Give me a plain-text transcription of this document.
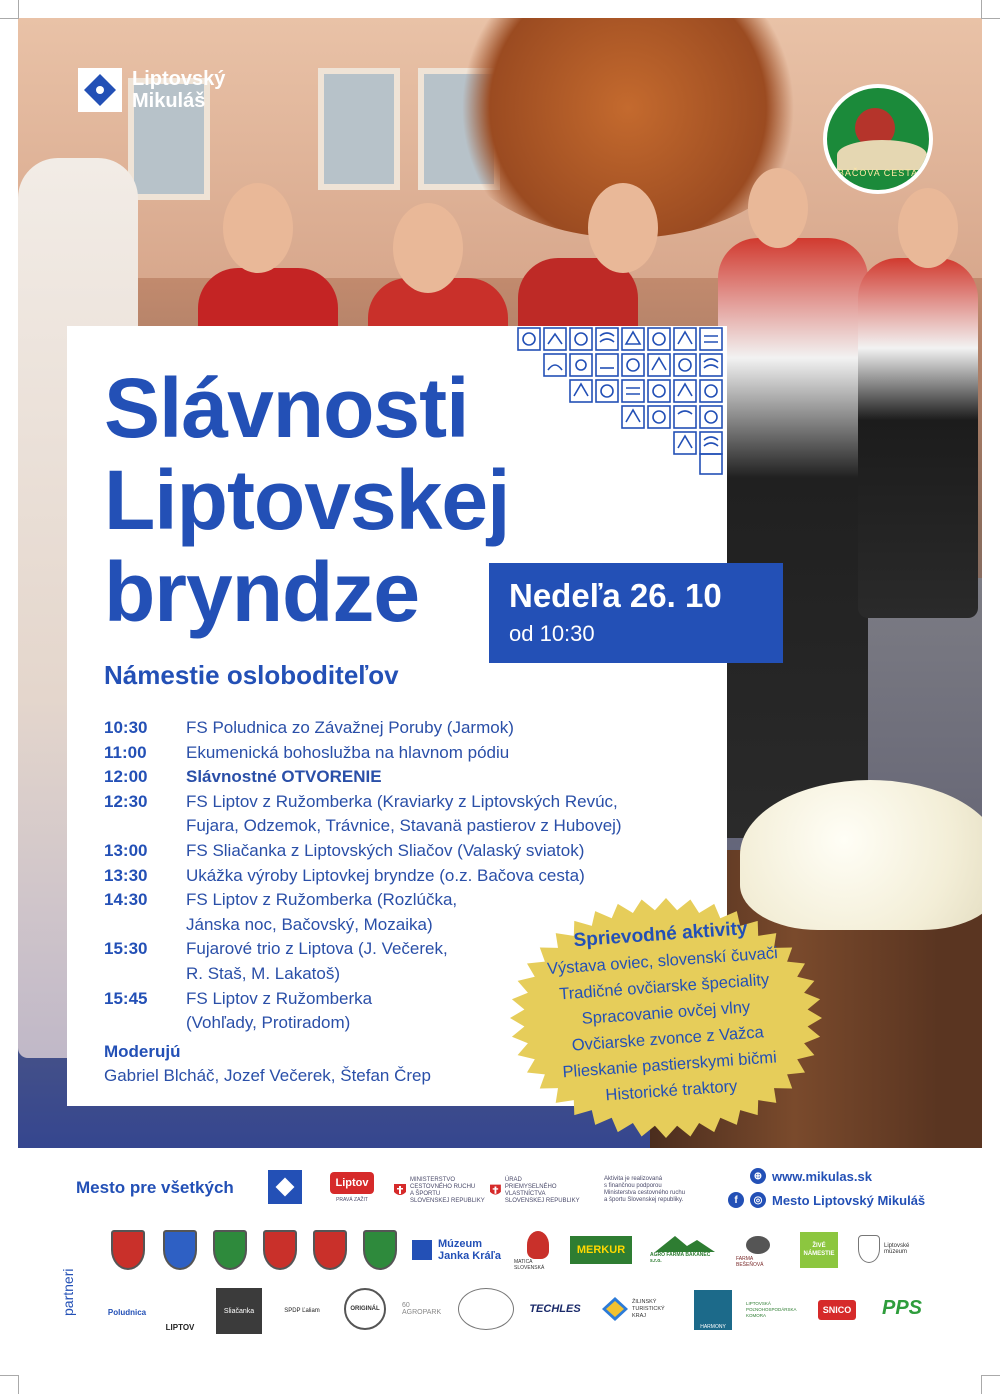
Liptovský
Mikuláš
BAČOVA CESTA
Slávnosti
Liptovskej
bryndze	Nedeľa 26. 10
od 10:30
Námestie osloboditeľov
10:30	FS Poludnica zo Závažnej Poruby (Jarmok)
11:00	Ekumenická bohoslužba na hlavnom pódiu
12:00	Slávnostné OTVORENIE
12:30	FS Liptov z Ružomberka (Kraviarky z Liptovských Revúc,
Fujara, Odzemok, Trávnice, Stavanä pastierov z Hubovej)
13:00	FS Sliačanka z Liptovských Sliačov (Valaský sviatok)
13:30	Ukážka výroby Liptovkej bryndze (o.z. Bačova cesta)
14:30	FS Liptov z Ružomberka (Rozlúčka,
Jánska noc, Bačovský, Mozaika)
15:30	Fujarové trio z Liptova (J. Večerek,
R. Staš, M. Lakatoš)
15:45	FS Liptov z Ružomberka
(Vohľady, Protiradom)
Moderujú
Gabriel Blcháč, Jozef Večerek, Štefan Črep
Sprievodné aktivity
Výstava oviec, slovenskí čuvači
Tradičné ovčiarske špeciality
Spracovanie ovčej vlny
Ovčiarske zvonce z Važca
Plieskanie pastierskymi bičmi
Historické traktory
Mesto pre všetkých	Liptov
PRAVÁ ZAŽIT
MINISTERSTVO
CESTOVNÉHO RUCHU
A ŠPORTU
SLOVENSKEJ REPUBLIKY
ÚRAD
PRIEMYSELNÉHO VLASTNÍCTVA
SLOVENSKEJ REPUBLIKY
Aktivita je realizovaná
s finančnou podporou
Ministerstva cestovného ruchu
a športu Slovenskej republiky.
⊕ www.mikulas.sk
f	◎ Mesto Liptovský Mikuláš
partneri
Múzeum Janka Kráľa	MATICA SLOVENSKÁ
MERKUR	AGRO FARMA BAKANEC s.r.o.	FARMA BEŠEŇOVÁ
ŽIVÉ NÁMESTIE
Liptovské múzeum
Poludnica
LIPTOV
Sliačanka	SPDP Ľaliam	ORIGINÁL	60 AGROPARK	TECHLES
ŽILINSKÝ TURISTICKÝ KRAJ
HARMONY
LIPTOVSKÁ POĽNOHOSPODÁRSKA KOMORA
SNICO	PPS
